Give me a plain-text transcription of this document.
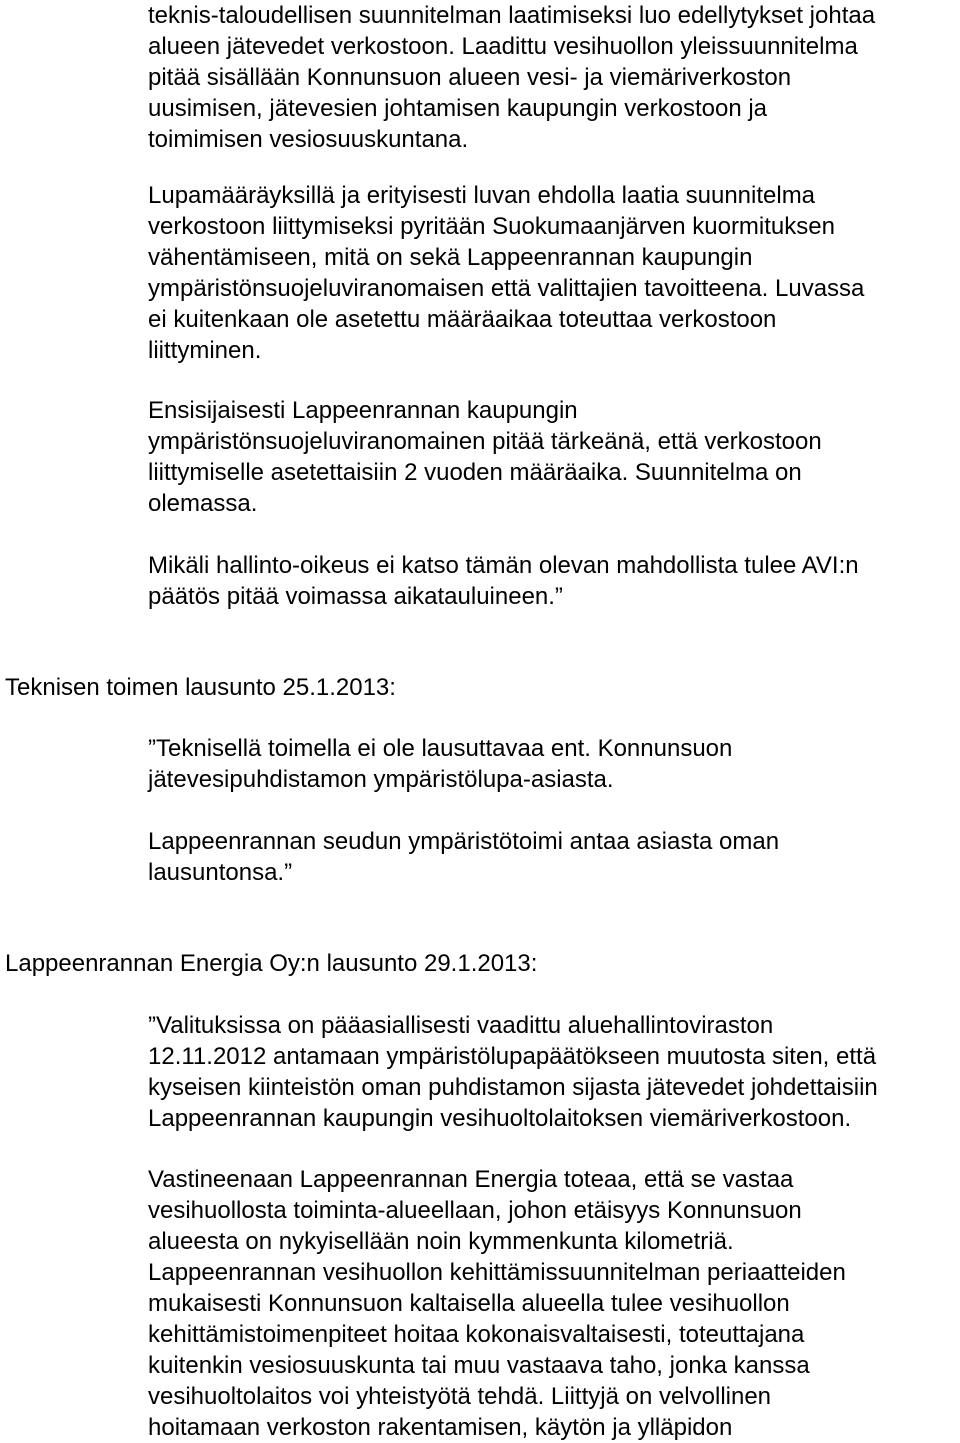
teknis-taloudellisen suunnitelman laatimiseksi luo edellytykset johtaa
alueen jätevedet verkostoon. Laadittu vesihuollon yleissuunnitelma
pitää sisällään Konnunsuon alueen vesi- ja viemäriverkoston
uusimisen, jätevesien johtamisen kaupungin verkostoon ja
toimimisen vesiosuuskuntana.

Lupamääräyksillä ja erityisesti luvan ehdolla laatia suunnitelma
verkostoon liittymiseksi pyritään Suokumaanjärven kuormituksen
vähentämiseen, mitä on sekä Lappeenrannan kaupungin
ympäristönsuojeluviranomaisen että valittajien tavoitteena. Luvassa
ei kuitenkaan ole asetettu määräaikaa toteuttaa verkostoon
liittyminen.

Ensisijaisesti Lappeenrannan kaupungin
ympäristönsuojeluviranomainen pitää tärkeänä, että verkostoon
liittymiselle asetettaisiin 2 vuoden määräaika. Suunnitelma on
olemassa.

Mikäli hallinto-oikeus ei katso tämän olevan mahdollista tulee AVI:n
päätös pitää voimassa aikatauluineen.”

Teknisen toimen lausunto 25.1.2013:

”Teknisellä toimella ei ole lausuttavaa ent. Konnunsuon
jätevesipuhdistamon ympäristölupa-asiasta.

Lappeenrannan seudun ympäristötoimi antaa asiasta oman
lausuntonsa.”

Lappeenrannan Energia Oy:n lausunto 29.1.2013:

”Valituksissa on pääasiallisesti vaadittu aluehallintoviraston
12.11.2012 antamaan ympäristölupapäätökseen muutosta siten, että
kyseisen kiinteistön oman puhdistamon sijasta jätevedet johdettaisiin
Lappeenrannan kaupungin vesihuoltolaitoksen viemäriverkostoon.

Vastineenaan Lappeenrannan Energia toteaa, että se vastaa
vesihuollosta toiminta-alueellaan, johon etäisyys Konnunsuon
alueesta on nykyisellään noin kymmenkunta kilometriä.
Lappeenrannan vesihuollon kehittämissuunnitelman periaatteiden
mukaisesti Konnunsuon kaltaisella alueella tulee vesihuollon
kehittämistoimenpiteet hoitaa kokonaisvaltaisesti, toteuttajana
kuitenkin vesiosuuskunta tai muu vastaava taho, jonka kanssa
vesihuoltolaitos voi yhteistyötä tehdä. Liittyjä on velvollinen
hoitamaan verkoston rakentamisen, käytön ja ylläpidon
